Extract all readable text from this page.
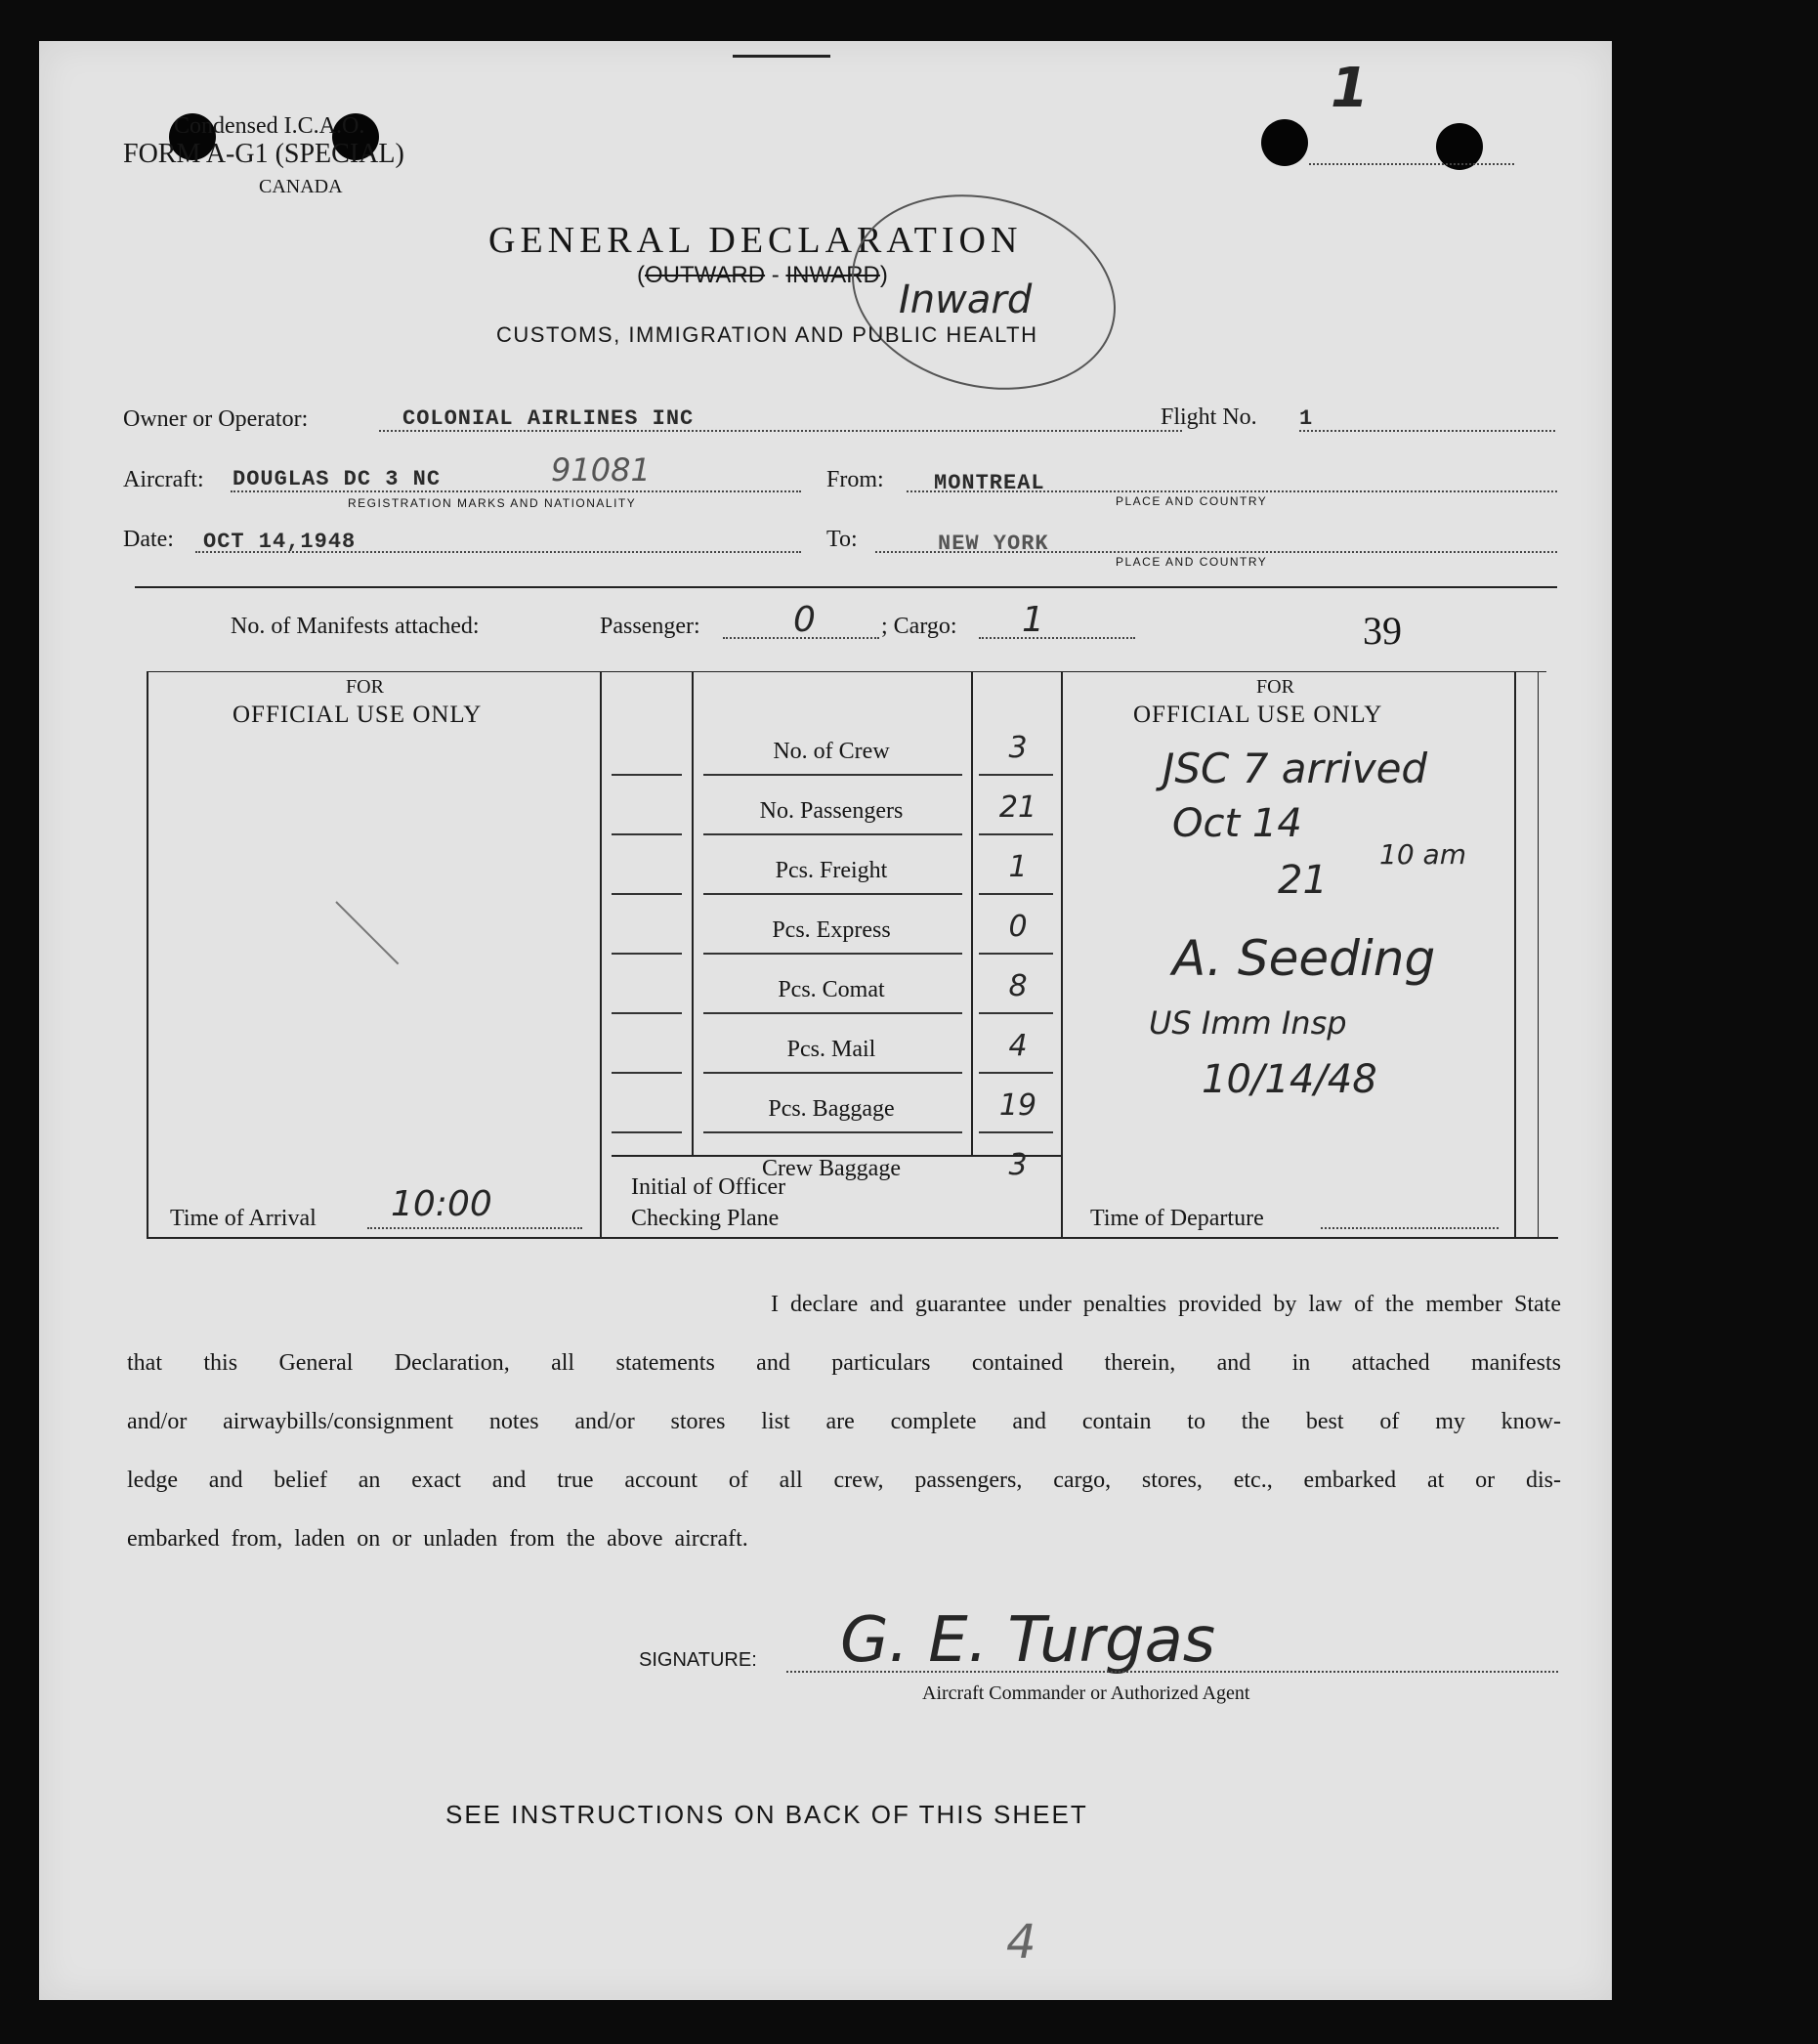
Condensed I.C.A.O.
FORM A-G1 (SPECIAL)
CANADA
1
GENERAL DECLARATION
(OUTWARD - INWARD)
Inward
CUSTOMS, IMMIGRATION AND PUBLIC HEALTH
Owner or Operator:	COLONIAL AIRLINES INC	Flight No. 1
Aircraft: DOUGLAS DC 3 NC	91081
REGISTRATION MARKS AND NATIONALITY
From: MONTREAL
PLACE AND COUNTRY
Date: OCT 14,1948	To:	NEW YORK
PLACE AND COUNTRY
No. of Manifests attached:	Passenger:	0	; Cargo: 1	39
FOR
OFFICIAL USE ONLY
FOR
OFFICIAL USE ONLY
No. of Crew	3
No. Passengers	21
Pcs. Freight	1
Pcs. Express	0
Pcs. Comat	8
Pcs. Mail	4
Pcs. Baggage	19
Crew Baggage	3
Time of Arrival 10:00	Initial of Officer
Checking Plane	Time of Departure
JSC 7 arrived
Oct 14
21
10 am
A. Seeding
US Imm Insp
10/14/48
I declare and guarantee under penalties provided by law of the member State
that this General Declaration, all statements and particulars contained therein, and in attached manifests
and/or airwaybills/consignment notes and/or stores list are complete and contain to the best of my know-
ledge and belief an exact and true account of all crew, passengers, cargo, stores, etc., embarked at or dis-
embarked from, laden on or unladen from the above aircraft.
SIGNATURE: G. E. Turgas
Aircraft Commander or Authorized Agent
SEE INSTRUCTIONS ON BACK OF THIS SHEET
4
